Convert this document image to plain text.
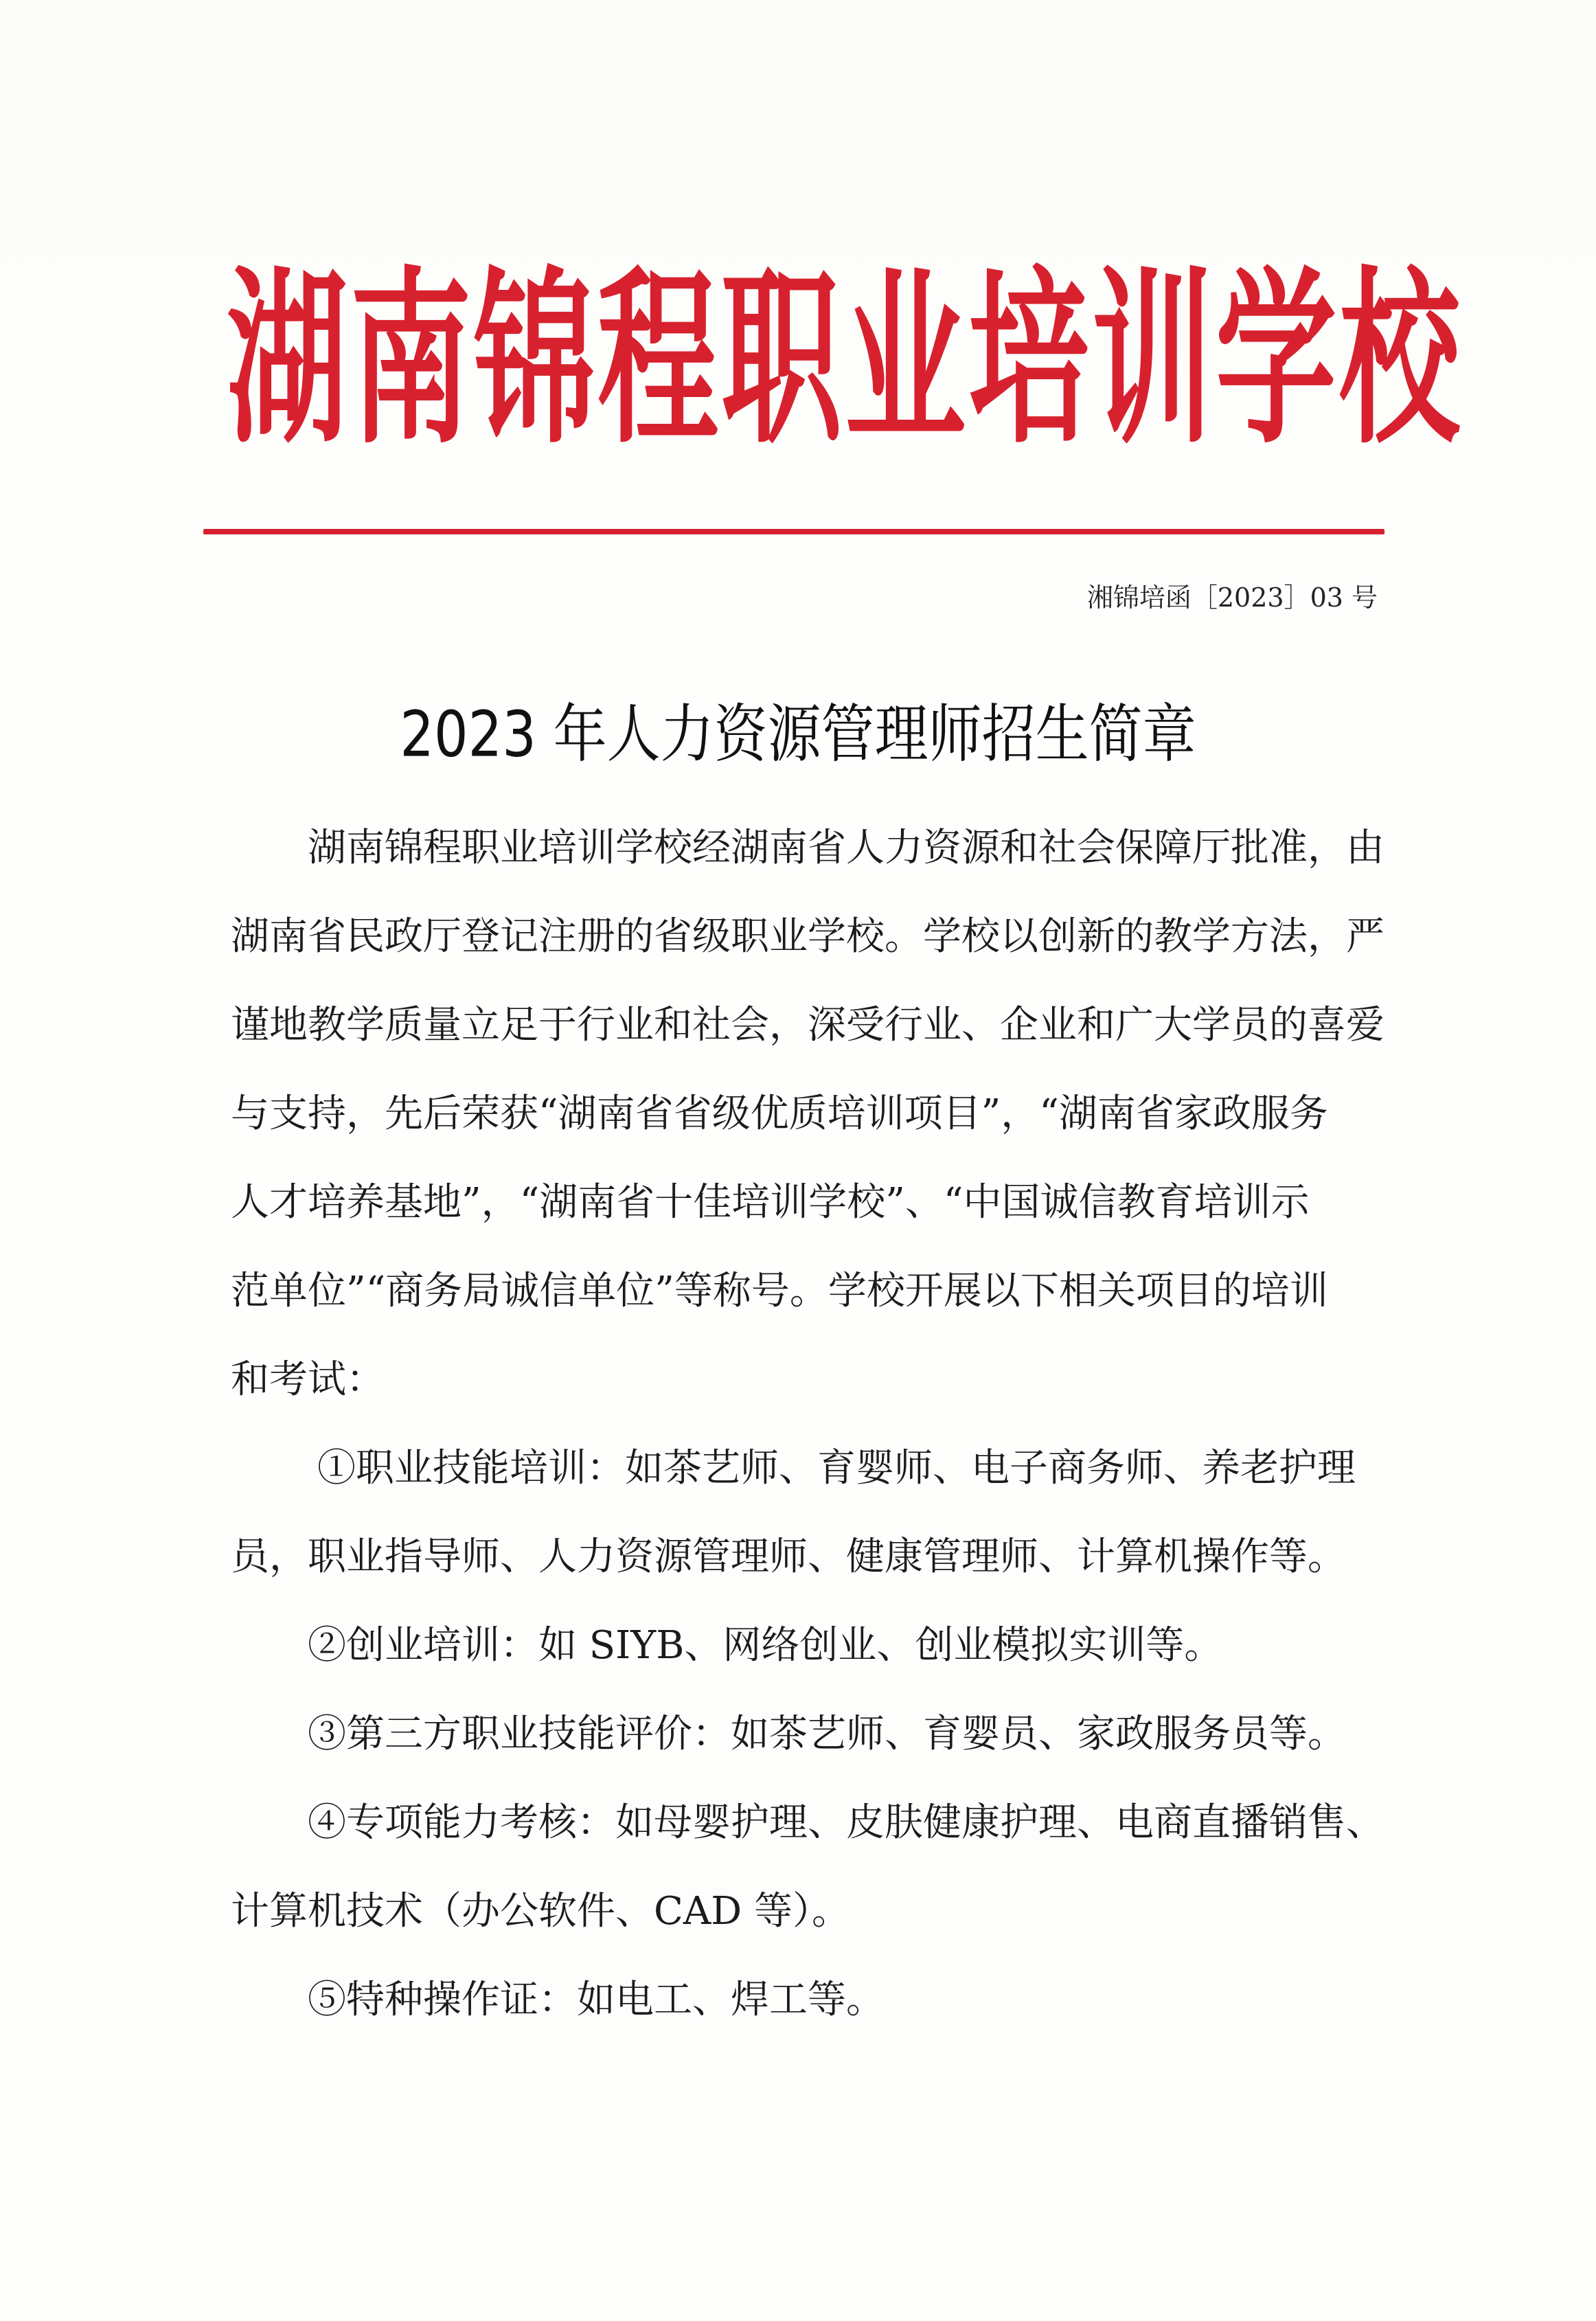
湖南锦程职业培训学校
湘锦培函［2023］03 号
2023 年人力资源管理师招生简章
湖南锦程职业培训学校经湖南省人力资源和社会保障厅批准，由
湖南省民政厅登记注册的省级职业学校。学校以创新的教学方法，严
谨地教学质量立足于行业和社会，深受行业、企业和广大学员的喜爱
与支持，先后荣获“湖南省省级优质培训项目”，“湖南省家政服务
人才培养基地”，“湖南省十佳培训学校”、“中国诚信教育培训示
范单位”“商务局诚信单位”等称号。学校开展以下相关项目的培训
和考试：
①职业技能培训：如茶艺师、育婴师、电子商务师、养老护理
员，职业指导师、人力资源管理师、健康管理师、计算机操作等。
②创业培训：如 SIYB、网络创业、创业模拟实训等。
③第三方职业技能评价：如茶艺师、育婴员、家政服务员等。
④专项能力考核：如母婴护理、皮肤健康护理、电商直播销售、
计算机技术（办公软件、CAD 等）。
⑤特种操作证：如电工、焊工等。
